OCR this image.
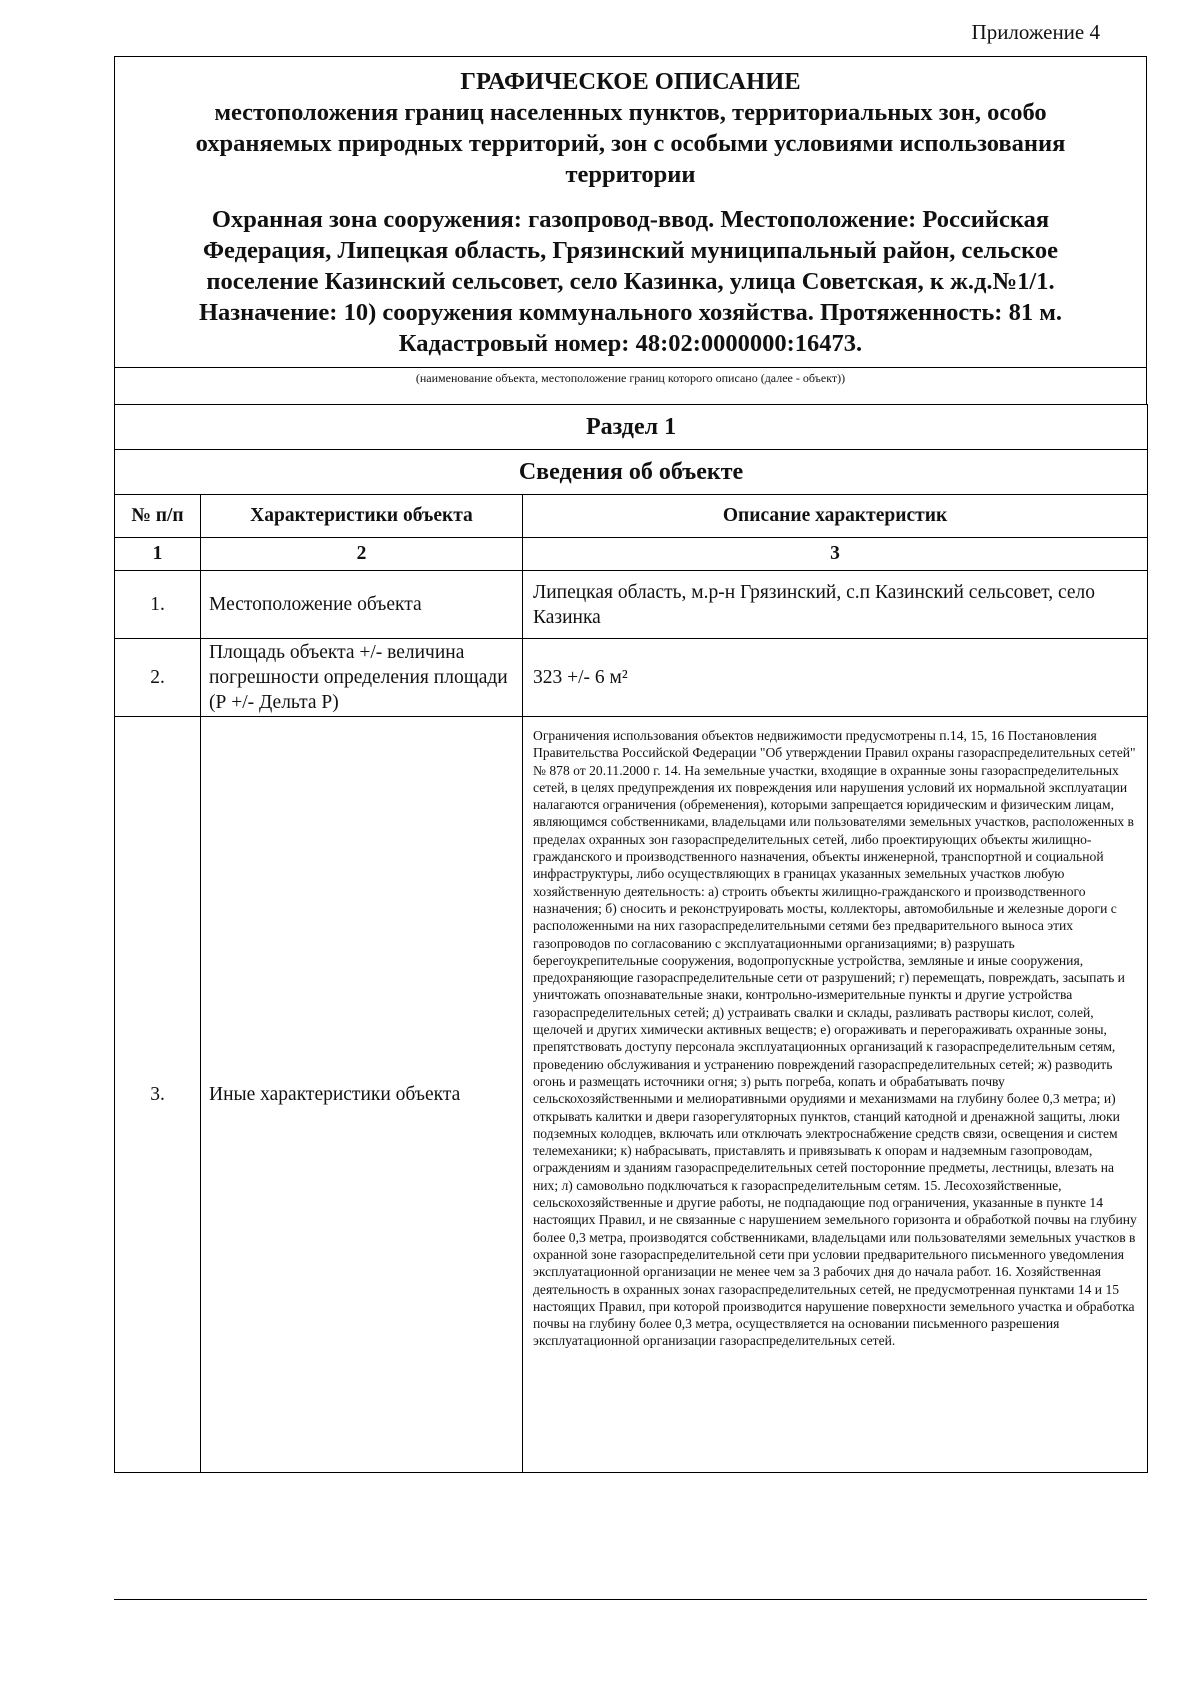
Приложение 4
ГРАФИЧЕСКОЕ ОПИСАНИЕ
местоположения границ населенных пунктов, территориальных зон, особо охраняемых природных территорий, зон с особыми условиями использования территории
Охранная зона сооружения: газопровод-ввод. Местоположение: Российская
Федерация, Липецкая область, Грязинский муниципальный район, сельское
поселение Казинский сельсовет, село Казинка, улица Советская, к ж.д.№1/1.
Назначение: 10) сооружения коммунального хозяйства. Протяженность: 81 м.
Кадастровый номер: 48:02:0000000:16473.
(наименование объекта, местоположение границ которого описано (далее - объект))
Раздел 1		
Сведения об объекте		
№ п/п	Характеристики объекта	Описание характеристик
1	2	3
1.	Местоположение объекта	Липецкая область, м.р-н Грязинский, с.п Казинский сельсовет, село Казинка
2.	Площадь объекта +/- величина погрешности определения площади (Р +/- Дельта Р)	323 +/- 6 м²
3.	Иные характеристики объекта	Ограничения использования объектов недвижимости предусмотрены п.14, 15, 16 Постановления Правительства Российской Федерации "Об утверждении Правил охраны газораспределительных сетей" № 878 от 20.11.2000 г. 14. На земельные участки, входящие в охранные зоны газораспределительных сетей, в целях предупреждения их повреждения или нарушения условий их нормальной эксплуатации налагаются ограничения (обременения), которыми запрещается юридическим и физическим лицам, являющимся собственниками, владельцами или пользователями земельных участков, расположенных в пределах охранных зон газораспределительных сетей, либо проектирующих объекты жилищно-гражданского и производственного назначения, объекты инженерной, транспортной и социальной инфраструктуры, либо осуществляющих в границах указанных земельных участков любую хозяйственную деятельность: а) строить объекты жилищно-гражданского и производственного назначения; б) сносить и реконструировать мосты, коллекторы, автомобильные и железные дороги с расположенными на них газораспределительными сетями без предварительного выноса этих газопроводов по согласованию с эксплуатационными организациями; в) разрушать берегоукрепительные сооружения, водопропускные устройства, земляные и иные сооружения, предохраняющие газораспределительные сети от разрушений; г) перемещать, повреждать, засыпать и уничтожать опознавательные знаки, контрольно-измерительные пункты и другие устройства газораспределительных сетей; д) устраивать свалки и склады, разливать растворы кислот, солей, щелочей и других химически активных веществ; е) огораживать и перегораживать охранные зоны, препятствовать доступу персонала эксплуатационных организаций к газораспределительным сетям, проведению обслуживания и устранению повреждений газораспределительных сетей; ж) разводить огонь и размещать источники огня; з) рыть погреба, копать и обрабатывать почву сельскохозяйственными и мелиоративными орудиями и механизмами на глубину более 0,3 метра; и) открывать калитки и двери газорегуляторных пунктов, станций катодной и дренажной защиты, люки подземных колодцев, включать или отключать электроснабжение средств связи, освещения и систем телемеханики; к) набрасывать, приставлять и привязывать к опорам и надземным газопроводам, ограждениям и зданиям газораспределительных сетей посторонние предметы, лестницы, влезать на них; л) самовольно подключаться к газораспределительным сетям. 15. Лесохозяйственные, сельскохозяйственные и другие работы, не подпадающие под ограничения, указанные в пункте 14 настоящих Правил, и не связанные с нарушением земельного горизонта и обработкой почвы на глубину более 0,3 метра, производятся собственниками, владельцами или пользователями земельных участков в охранной зоне газораспределительной сети при условии предварительного письменного уведомления эксплуатационной организации не менее чем за 3 рабочих дня до начала работ. 16. Хозяйственная деятельность в охранных зонах газораспределительных сетей, не предусмотренная пунктами 14 и 15 настоящих Правил, при которой производится нарушение поверхности земельного участка и обработка почвы на глубину более 0,3 метра, осуществляется на основании письменного разрешения эксплуатационной организации газораспределительных сетей.
